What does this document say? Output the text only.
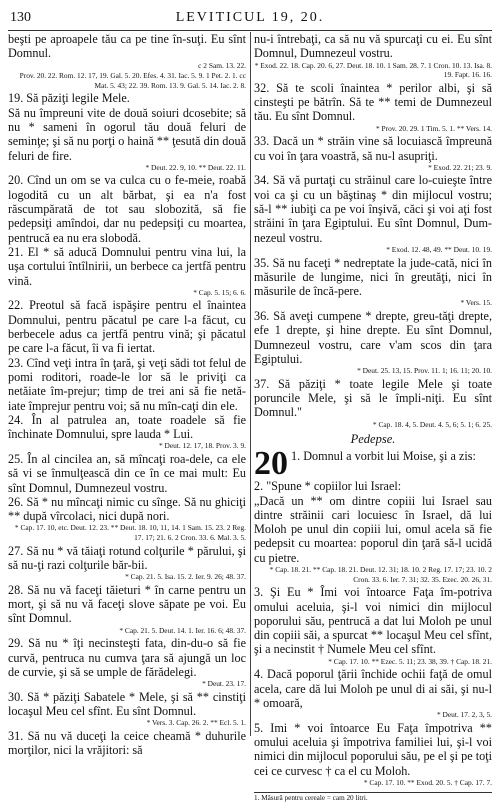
130	LEVITICUL 19, 20.

beşti pe aproapele tău ca pe tine în-suţi. Eu sînt Domnul.

c 2 Sam. 13. 22.

Prov. 20. 22. Rom. 12. 17, 19. Gal. 5. 20. Efes. 4. 31. Iac. 5. 9. 1 Pet. 2. 1. cc Mat. 5. 43; 22. 39. Rom. 13. 9. Gal. 5. 14. Iac. 2. 8.

19. Să păziţi legile Mele.

Să nu împreuni vite de două soiuri dcosebite; să nu * sameni în ogorul tău două feluri de seminţe; şi să nu porţi o haină ** ţesută din două feluri de fire.

* Deut. 22. 9, 10. ** Deut. 22. 11.

20. Cînd un om se va culca cu o fe-meie, roabă logodită cu un alt bărbat, şi ea n'a fost răscumpărată de tot sau slobozită, să fie pedepsiţi amîndoi, dar nu pedepsiţi cu moartea, pentrucă ea nu era slobodă.

21. El * să aducă Domnului pentru vina lui, la uşa cortului întîlnirii, un berbece ca jertfă pentru vină.

* Cap. 5. 15; 6. 6.

22. Preotul să facă ispăşire pentru el înaintea Domnului, pentru păcatul pe care l-a făcut, cu berbecele adus ca jertfă pentru vină; şi păcatul pe care l-a făcut, îi va fi iertat.

23. Cînd veţi intra în ţară, şi veţi sădi tot felul de pomi roditori, roade-le lor să le priviţi ca netăiate îm-prejur; timp de trei ani să fie netă-iate împrejur pentru voi; să nu mîn-caţi din ele.

24. În al patrulea an, toate roadele să fie închinate Domnului, spre lauda * Lui.

* Deut. 12. 17, 18. Prov. 3. 9.

25. În al cincilea an, să mîncaţi roa-dele, ca ele să vi se înmulţească din ce în ce mai mult: Eu sînt Domnul, Dumnezeul vostru.

26. Să * nu mîncaţi nimic cu sînge. Să nu ghiciţi ** după vîrcolaci, nici după nori.

* Cap. 17. 10, etc. Deut. 12. 23. ** Deut. 18. 10, 11, 14. 1 Sam. 15. 23. 2 Reg. 17. 17; 21. 6. 2 Cron. 33. 6. Mal. 3. 5.

27. Să nu * vă tăiaţi rotund colţurile * părului, şi să nu-ţi razi colţurile băr-bii.

* Cap. 21. 5. Isa. 15. 2. Ier. 9. 26; 48. 37.

28. Să nu vă faceţi tăieturi * în carne pentru un mort, şi să nu vă faceţi slove săpate pe voi. Eu sînt Domnul.

* Cap. 21. 5. Deut. 14. 1. Ier. 16. 6; 48. 37.

29. Să nu * îţi necinsteşti fata, din-du-o să fie curvă, pentruca nu cumva ţara să ajungă un loc de curvie, şi să se umple de fărădelegi.

* Deut. 23. 17.

30. Să * păziţi Sabatele * Mele, şi să ** cinstiţi locaşul Meu cel sfînt. Eu sînt Domnul.

* Vers. 3. Cap. 26. 2. ** Ecl. 5. 1.

31. Să nu vă duceţi la ceice cheamă * duhurile morţilor, nici la vrăjitori: să

nu-i întrebaţi, ca să nu vă spurcaţi cu ei. Eu sînt Domnul, Dumnezeul vostru.

* Exod. 22. 18. Cap. 20. 6, 27. Deut. 18. 10. 1 Sam. 28. 7. 1 Cron. 10. 13. Isa. 8. 19. Fapt. 16. 16.

32. Să te scoli înaintea * perilor albi, şi să cinsteşti pe bătrîn. Să te ** temi de Dumnezeul tău. Eu sînt Domnul.

* Prov. 20. 29. 1 Tim. 5. 1. ** Vers. 14.

33. Dacă un * străin vine să locuiască împreună cu voi în ţara voastră, să nu-l asupriţi.

* Exod. 22. 21; 23. 9.

34. Să vă purtaţi cu străinul care lo-cuieşte între voi ca şi cu un băştinaş * din mijlocul vostru; să-l ** iubiţi ca pe voi înşivă, căci şi voi aţi fost străini în ţara Egiptului. Eu sînt Domnul, Dum-nezeul vostru.

* Exod. 12. 48, 49. ** Deut. 10. 19.

35. Să nu faceţi * nedreptate la jude-cată, nici în măsurile de lungime, nici în greutăţi, nici în măsurile de încă-pere.

* Vers. 15.

36. Să aveţi cumpene * drepte, greu-tăţi drepte, efe 1 drepte, şi hine drepte. Eu sînt Domnul, Dumnezeul vostru, care v'am scos din ţara Egiptului.

* Deut. 25. 13, 15. Prov. 11. 1; 16. 11; 20. 10.

37. Să păziţi * toate legile Mele şi toate poruncile Mele, şi să le împli-niţi. Eu sînt Domnul."

* Cap. 18. 4, 5. Deut. 4. 5, 6; 5. 1; 6. 25.

Pedepse.
20 1. Domnul a vorbit lui Moise, şi a zis:

2. "Spune * copiilor lui Israel:

„Dacă un ** om dintre copiii lui Israel sau dintre străinii cari locuiesc în Israel, dă lui Moloh pe unul din copiii lui, omul acela să fie pedepsit cu moartea: poporul din ţară să-l ucidă cu pietre.

* Cap. 18. 21. ** Cap. 18. 21. Deut. 12. 31; 18. 10. 2 Reg. 17. 17; 23. 10. 2 Cron. 33. 6. Ier. 7. 31; 32. 35. Ezec. 20. 26, 31.

3. Şi Eu * Îmi voi întoarce Faţa îm-potriva omului aceluia, şi-l voi nimici din mijlocul poporului său, pentrucă a dat lui Moloh pe unul din copiii săi, a spurcat ** locaşul Meu cel sfînt, şi a necinstit † Numele Meu cel sfînt.

* Cap. 17. 10. ** Ezec. 5. 11; 23. 38, 39. † Cap. 18. 21.

4. Dacă poporul ţării închide ochii faţă de omul acela, care dă lui Moloh pe unul di ai săi, şi nu-l * omoară,

* Deut. 17. 2, 3, 5.

5. Imi * voi întoarce Eu Faţa împotriva ** omului aceluia şi împotriva familiei lui, şi-l voi nimici din mijlocul poporului său, pe el şi pe toţi cei ce curvesc † ca el cu Moloh.

* Cap. 17. 10. ** Exod. 20. 5. † Cap. 17. 7.

1. Măsură pentru cereale = cam 20 litri.
